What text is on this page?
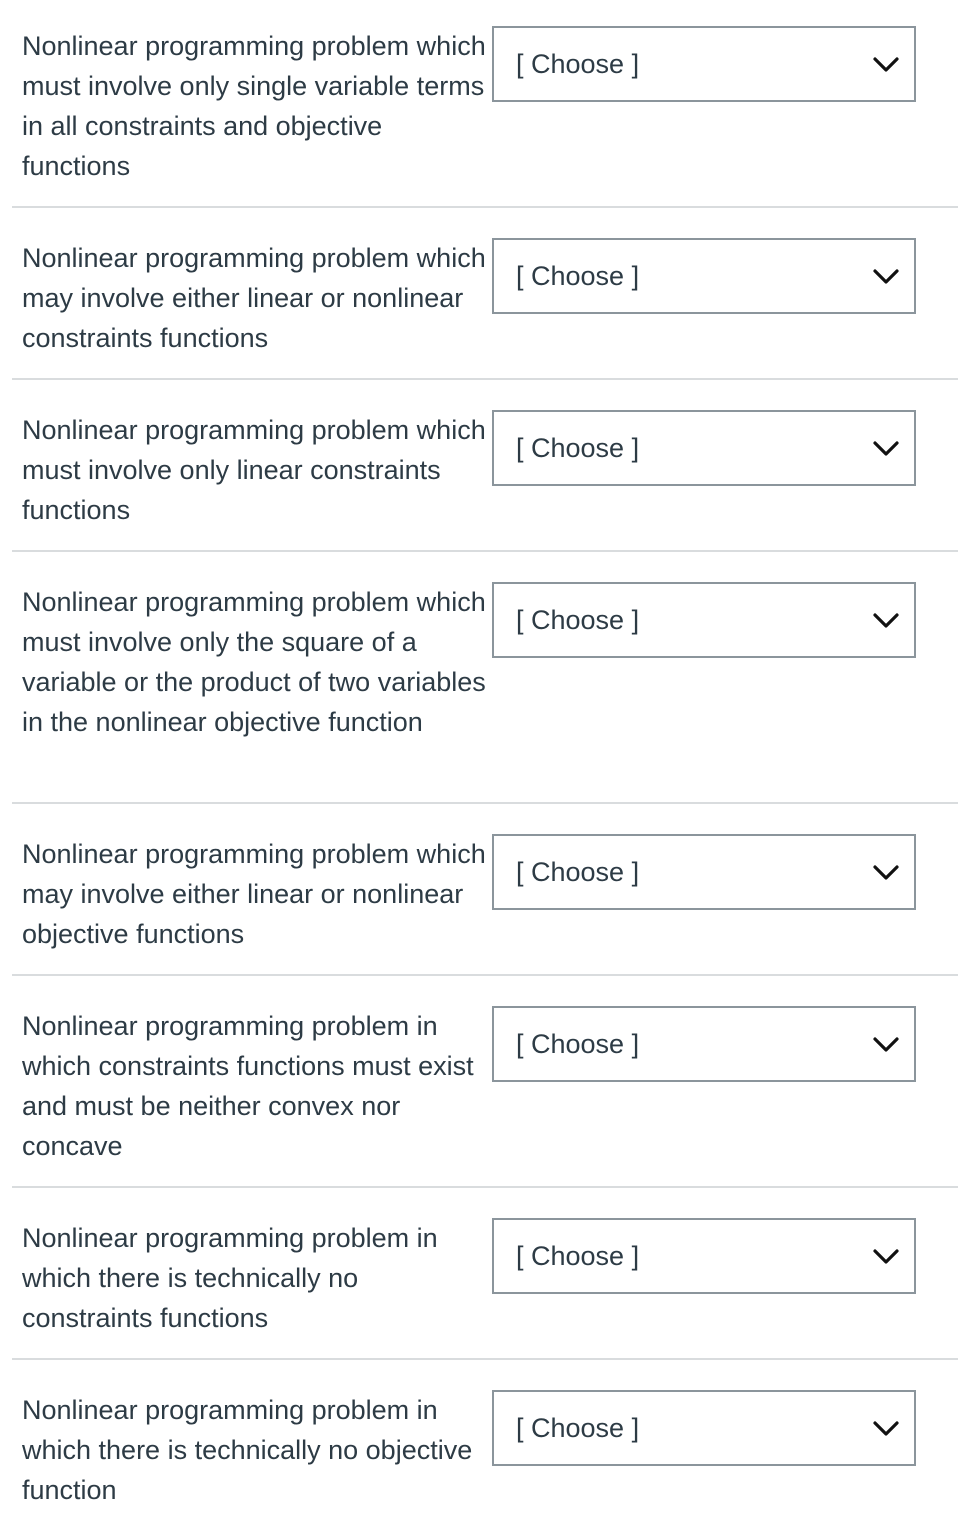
Nonlinear programming problem which must involve only single variable terms in all constraints and objective functions

[ Choose ]

Nonlinear programming problem which may involve either linear or nonlinear constraints functions

[ Choose ]

Nonlinear programming problem which must involve only linear constraints functions

[ Choose ]

Nonlinear programming problem which must involve only the square of a variable or the product of two variables in the nonlinear objective function

[ Choose ]

Nonlinear programming problem which may involve either linear or nonlinear objective functions

[ Choose ]

Nonlinear programming problem in which constraints functions must exist and must be neither convex nor concave

[ Choose ]

Nonlinear programming problem in which there is technically no constraints functions

[ Choose ]

Nonlinear programming problem in which there is technically no objective function

[ Choose ]
